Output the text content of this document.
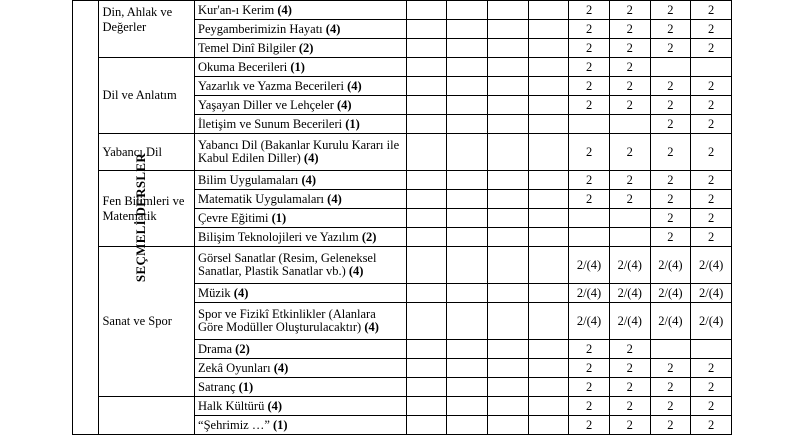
SEÇMELİ DERSLER	Din, Ahlak ve Değerler	Kur'an-ı Kerim (4)					2	2	2	2
		Peygamberimizin Hayatı (4)					2	2	2	2
		Temel Dinî Bilgiler (2)					2	2	2	2
	Dil ve Anlatım	Okuma Becerileri (1)					2	2		
		Yazarlık ve Yazma Becerileri (4)					2	2	2	2
		Yaşayan Diller ve Lehçeler (4)					2	2	2	2
		İletişim ve Sunum Becerileri (1)							2	2
	Yabancı Dil	Yabancı Dil (Bakanlar Kurulu Kararı ile Kabul Edilen Diller) (4)					2	2	2	2
	Fen Bilimleri ve Matematik	Bilim Uygulamaları (4)					2	2	2	2
		Matematik Uygulamaları (4)					2	2	2	2
		Çevre Eğitimi (1)							2	2
		Bilişim Teknolojileri ve Yazılım (2)							2	2
	Sanat ve Spor	Görsel Sanatlar (Resim, Geleneksel Sanatlar, Plastik Sanatlar vb.) (4)					2/(4)	2/(4)	2/(4)	2/(4)
		Müzik (4)					2/(4)	2/(4)	2/(4)	2/(4)
		Spor ve Fizikî Etkinlikler (Alanlara Göre Modüller Oluşturulacaktır) (4)					2/(4)	2/(4)	2/(4)	2/(4)
		Drama (2)					2	2		
		Zekâ Oyunları (4)					2	2	2	2
		Satranç (1)					2	2	2	2
		Halk Kültürü (4)					2	2	2	2
		“Şehrimiz …” (1)					2	2	2	2
